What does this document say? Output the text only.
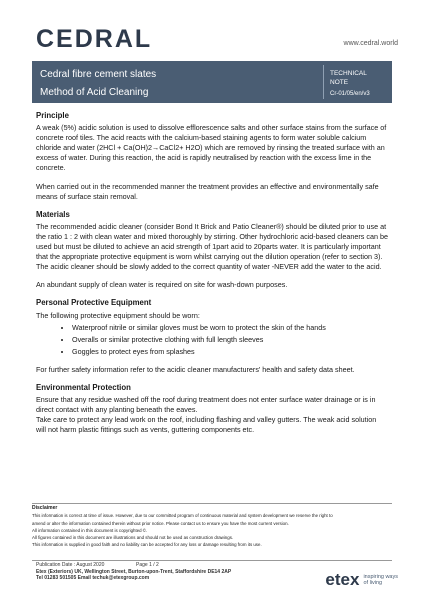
CEDRAL	www.cedral.world
Cedral fibre cement slates
Method of Acid Cleaning
TECHNICAL NOTE
Cr-01/05/en/v3
Principle

A weak (5%) acidic solution is used to dissolve efflorescence salts and other surface stains from the surface of concrete roof tiles. The acid reacts with the calcium-based staining agents to form water soluble calcium chloride and water (2HCl + Ca(OH)2→CaCl2+ H2O) which are removed by rinsing the treated surface with an excess of water. During this reaction, the acid is rapidly neutralised by reaction with the excess lime in the concrete.

When carried out in the recommended manner the treatment provides an effective and environmentally safe means of surface stain removal.

Materials

The recommended acidic cleaner (consider Bond It Brick and Patio Cleaner®) should be diluted prior to use at the ratio 1 : 2 with clean water and mixed thoroughly by stirring. Other hydrochloric acid-based cleaners can be used but must be diluted to achieve an acid strength of 1part acid to 20parts water. It is particularly important that the appropriate protective equipment is worn whilst carrying out the dilution operation (refer to section 3). The acidic cleaner should be slowly added to the correct quantity of water -NEVER add the water to the acid.

An abundant supply of clean water is required on site for wash-down purposes.

Personal Protective Equipment

The following protective equipment should be worn:

• Waterproof nitrile or similar gloves must be worn to protect the skin of the hands
• Overalls or similar protective clothing with full length sleeves
• Goggles to protect eyes from splashes

For further safety information refer to the acidic cleaner manufacturers' health and safety data sheet.

Environmental Protection

Ensure that any residue washed off the roof during treatment does not enter surface water drainage or is in direct contact with any planting beneath the eaves.

Take care to protect any lead work on the roof, including flashing and valley gutters. The weak acid solution will not harm plastic fittings such as vents, guttering components etc.

Disclaimer
This information is correct at time of issue. However, due to our committed program of continuous material and system development we reserve the right to
amend or alter the information contained therein without prior notice. Please contact us to ensure you have the most current version.
All information contained in this document is copyrighted ©.
All figures contained in this document are illustrations and should not be used as construction drawings.
This information is supplied in good faith and no liability can be accepted for any loss or damage resulting from its use.
Publication Date : August 2020	Page 1 / 2
Etex (Exteriors) UK, Wellington Street, Burton-upon-Trent, Staffordshire DE14 2AP
Tel 01283 501505 Email techuk@etexgroup.com	etex inspiring ways
of living
